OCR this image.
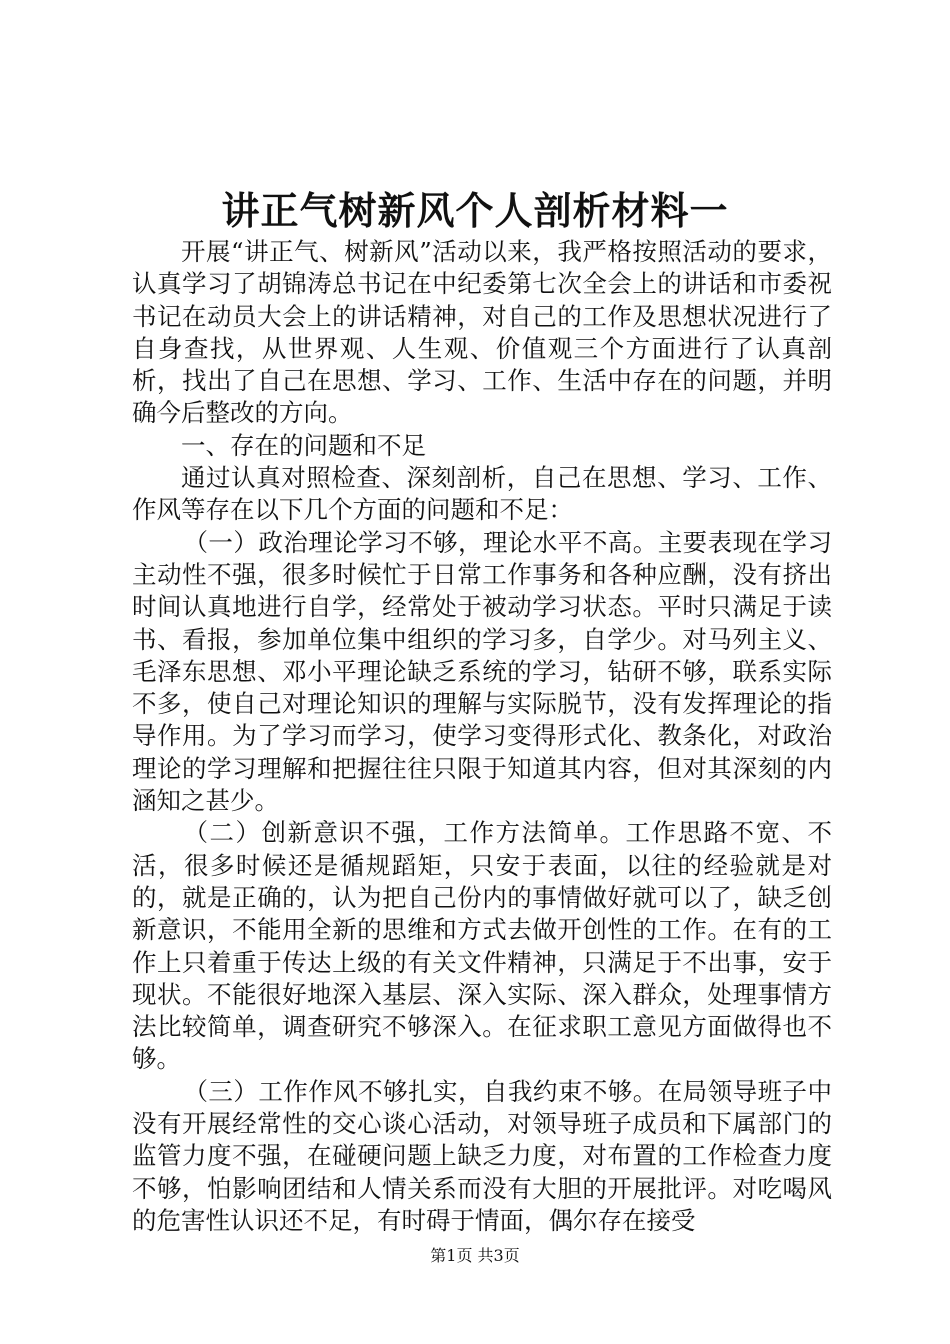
讲正气树新风个人剖析材料一

开展“讲正气、树新风”活动以来，我严格按照活动的要求，认真学习了胡锦涛总书记在中纪委第七次全会上的讲话和市委祝书记在动员大会上的讲话精神，对自己的工作及思想状况进行了自身查找，从世界观、人生观、价值观三个方面进行了认真剖析，找出了自己在思想、学习、工作、生活中存在的问题，并明确今后整改的方向。

一、存在的问题和不足

通过认真对照检查、深刻剖析，自己在思想、学习、工作、作风等存在以下几个方面的问题和不足：

（一）政治理论学习不够，理论水平不高。主要表现在学习主动性不强，很多时候忙于日常工作事务和各种应酬，没有挤出时间认真地进行自学，经常处于被动学习状态。平时只满足于读书、看报，参加单位集中组织的学习多，自学少。对马列主义、毛泽东思想、邓小平理论缺乏系统的学习，钻研不够，联系实际不多，使自己对理论知识的理解与实际脱节，没有发挥理论的指导作用。为了学习而学习，使学习变得形式化、教条化，对政治理论的学习理解和把握往往只限于知道其内容，但对其深刻的内涵知之甚少。

（二）创新意识不强，工作方法简单。工作思路不宽、不活，很多时候还是循规蹈矩，只安于表面，以往的经验就是对的，就是正确的，认为把自己份内的事情做好就可以了，缺乏创新意识，不能用全新的思维和方式去做开创性的工作。在有的工作上只着重于传达上级的有关文件精神，只满足于不出事，安于现状。不能很好地深入基层、深入实际、深入群众，处理事情方法比较简单，调查研究不够深入。在征求职工意见方面做得也不够。

（三）工作作风不够扎实，自我约束不够。在局领导班子中没有开展经常性的交心谈心活动，对领导班子成员和下属部门的监管力度不强，在碰硬问题上缺乏力度，对布置的工作检查力度不够，怕影响团结和人情关系而没有大胆的开展批评。对吃喝风的危害性认识还不足，有时碍于情面，偶尔存在接受

第1页 共3页
